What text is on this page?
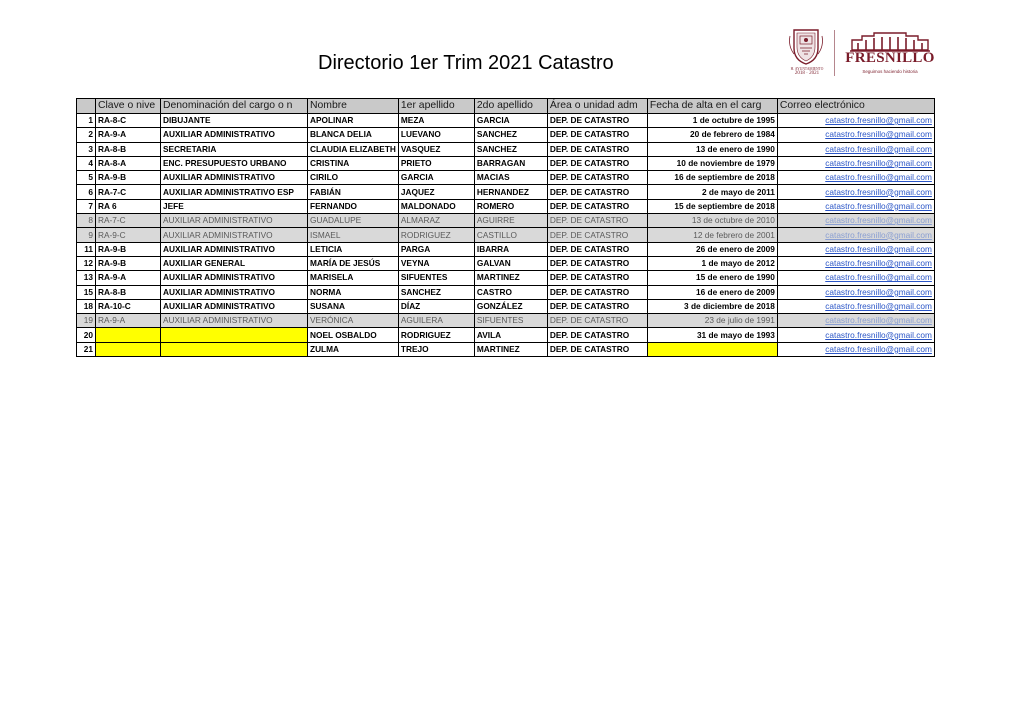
Directorio 1er Trim 2021 Catastro	H. AYUNTAMIENTO
2018 · 2021
FRESNILLO
Seguimos haciendo historia
	Clave o nive	Denominación del cargo o n	Nombre	1er apellido	2do apellido	Área o unidad adm	Fecha de alta en el carg	Correo electrónico
1	RA-8-C	DIBUJANTE	APOLINAR	MEZA	GARCIA	DEP. DE CATASTRO	1 de octubre de 1995	catastro.fresnillo@gmail.com
2	RA-9-A	AUXILIAR ADMINISTRATIVO	BLANCA DELIA	LUEVANO	SANCHEZ	DEP. DE CATASTRO	20 de febrero de 1984	catastro.fresnillo@gmail.com
3	RA-8-B	SECRETARIA	CLAUDIA ELIZABETH	VASQUEZ	SANCHEZ	DEP. DE CATASTRO	13 de enero de 1990	catastro.fresnillo@gmail.com
4	RA-8-A	ENC. PRESUPUESTO URBANO	CRISTINA	PRIETO	BARRAGAN	DEP. DE CATASTRO	10 de noviembre de 1979	catastro.fresnillo@gmail.com
5	RA-9-B	AUXILIAR ADMINISTRATIVO	CIRILO	GARCIA	MACIAS	DEP. DE CATASTRO	16 de septiembre de 2018	catastro.fresnillo@gmail.com
6	RA-7-C	AUXILIAR ADMINISTRATIVO ESP	FABIÁN	JAQUEZ	HERNANDEZ	DEP. DE CATASTRO	2 de mayo de 2011	catastro.fresnillo@gmail.com
7	RA 6	JEFE	FERNANDO	MALDONADO	ROMERO	DEP. DE CATASTRO	15 de septiembre de 2018	catastro.fresnillo@gmail.com
8	RA-7-C	AUXILIAR ADMINISTRATIVO	GUADALUPE	ALMARAZ	AGUIRRE	DEP. DE CATASTRO	13 de octubre de 2010	catastro.fresnillo@gmail.com
9	RA-9-C	AUXILIAR ADMINISTRATIVO	ISMAEL	RODRIGUEZ	CASTILLO	DEP. DE CATASTRO	12 de febrero de 2001	catastro.fresnillo@gmail.com
11	RA-9-B	AUXILIAR ADMINISTRATIVO	LETICIA	PARGA	IBARRA	DEP. DE CATASTRO	26 de enero de 2009	catastro.fresnillo@gmail.com
12	RA-9-B	AUXILIAR GENERAL	MARÍA DE JESÚS	VEYNA	GALVAN	DEP. DE CATASTRO	1 de mayo de 2012	catastro.fresnillo@gmail.com
13	RA-9-A	AUXILIAR ADMINISTRATIVO	MARISELA	SIFUENTES	MARTINEZ	DEP. DE CATASTRO	15 de enero de 1990	catastro.fresnillo@gmail.com
15	RA-8-B	AUXILIAR ADMINISTRATIVO	NORMA	SANCHEZ	CASTRO	DEP. DE CATASTRO	16 de enero de 2009	catastro.fresnillo@gmail.com
18	RA-10-C	AUXILIAR ADMINISTRATIVO	SUSANA	DÍAZ	GONZÁLEZ	DEP. DE CATASTRO	3 de diciembre de 2018	catastro.fresnillo@gmail.com
19	RA-9-A	AUXILIAR ADMINISTRATIVO	VERÓNICA	AGUILERA	SIFUENTES	DEP. DE CATASTRO	23 de julio de 1991	catastro.fresnillo@gmail.com
20			NOEL OSBALDO	RODRIGUEZ	AVILA	DEP. DE CATASTRO	31 de mayo de 1993	catastro.fresnillo@gmail.com
21			ZULMA	TREJO	MARTINEZ	DEP. DE CATASTRO		catastro.fresnillo@gmail.com
